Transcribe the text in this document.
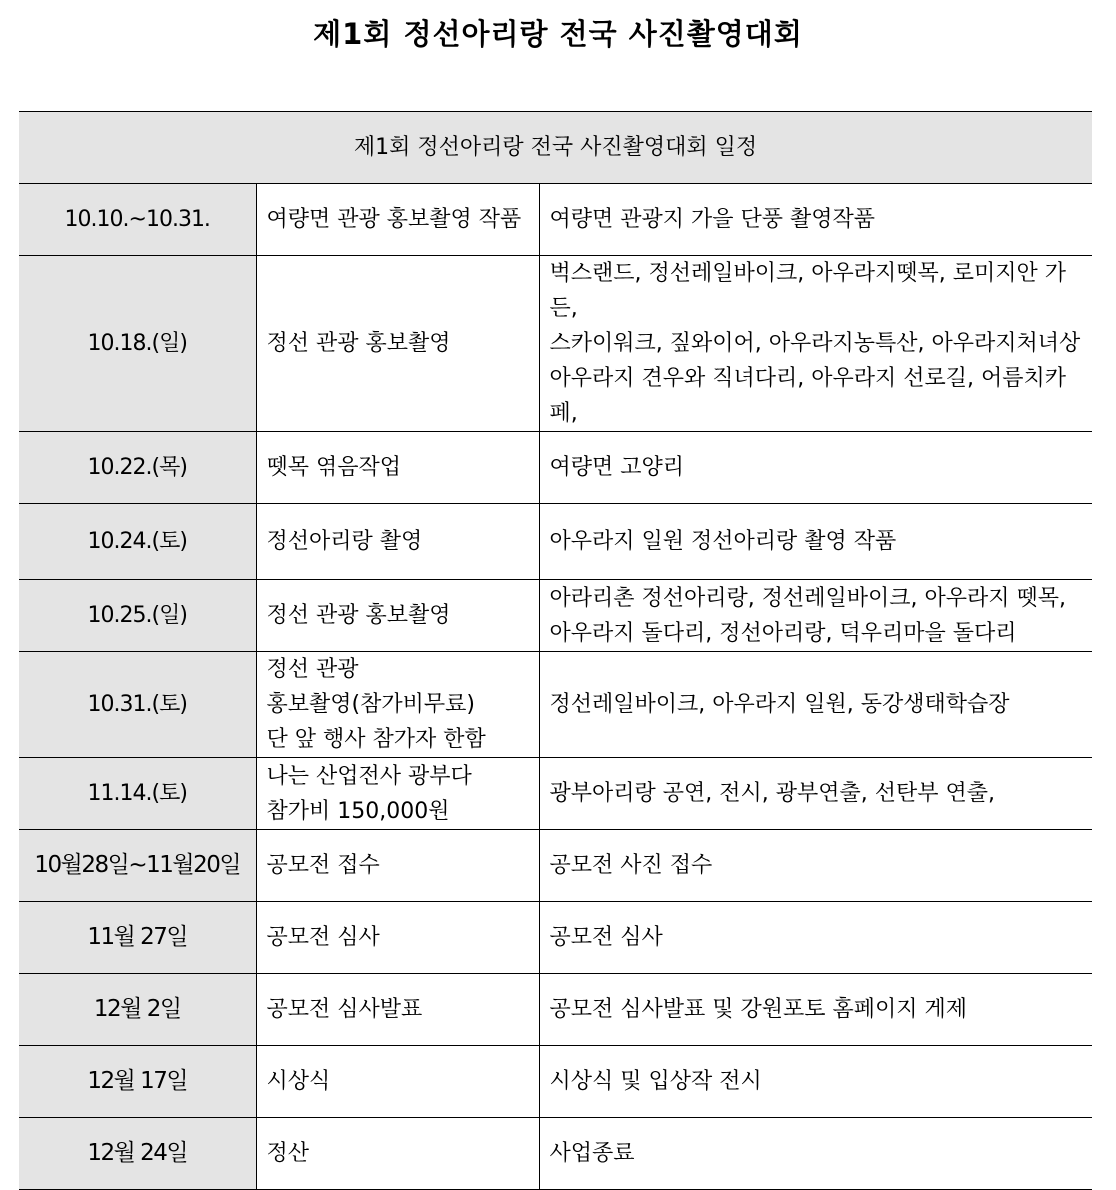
제1회 정선아리랑 전국 사진촬영대회
제1회 정선아리랑 전국 사진촬영대회 일정		
10.10.~10.31.	여량면 관광 홍보촬영 작품	여량면 관광지 가을 단풍 촬영작품

10.18.(일)	정선 관광 홍보촬영	벅스랜드, 정선레일바이크, 아우라지뗏목, 로미지안 가든,
스카이워크, 짚와이어, 아우라지농특산, 아우라지처녀상
아우라지 견우와 직녀다리, 아우라지 선로길, 어름치카페,

10.22.(목)	뗏목 엮음작업	여량면 고양리

10.24.(토)	정선아리랑 촬영	아우라지 일원 정선아리랑 촬영 작품

10.25.(일)	정선 관광 홍보촬영	아라리촌 정선아리랑, 정선레일바이크, 아우라지 뗏목,
아우라지 돌다리, 정선아리랑, 덕우리마을 돌다리

10.31.(토)	정선 관광
홍보촬영(참가비무료)
단 앞 행사 참가자 한함	정선레일바이크, 아우라지 일원, 동강생태학습장

11.14.(토)	나는 산업전사 광부다
참가비 150,000원	광부아리랑 공연, 전시, 광부연출, 선탄부 연출,

10월28일~11월20일	공모전 접수	공모전 사진 접수

11월 27일	공모전 심사	공모전 심사

12월 2일	공모전 심사발표	공모전 심사발표 및 강원포토 홈페이지 게제

12월 17일	시상식	시상식 및 입상작 전시

12월 24일	정산	사업종료
